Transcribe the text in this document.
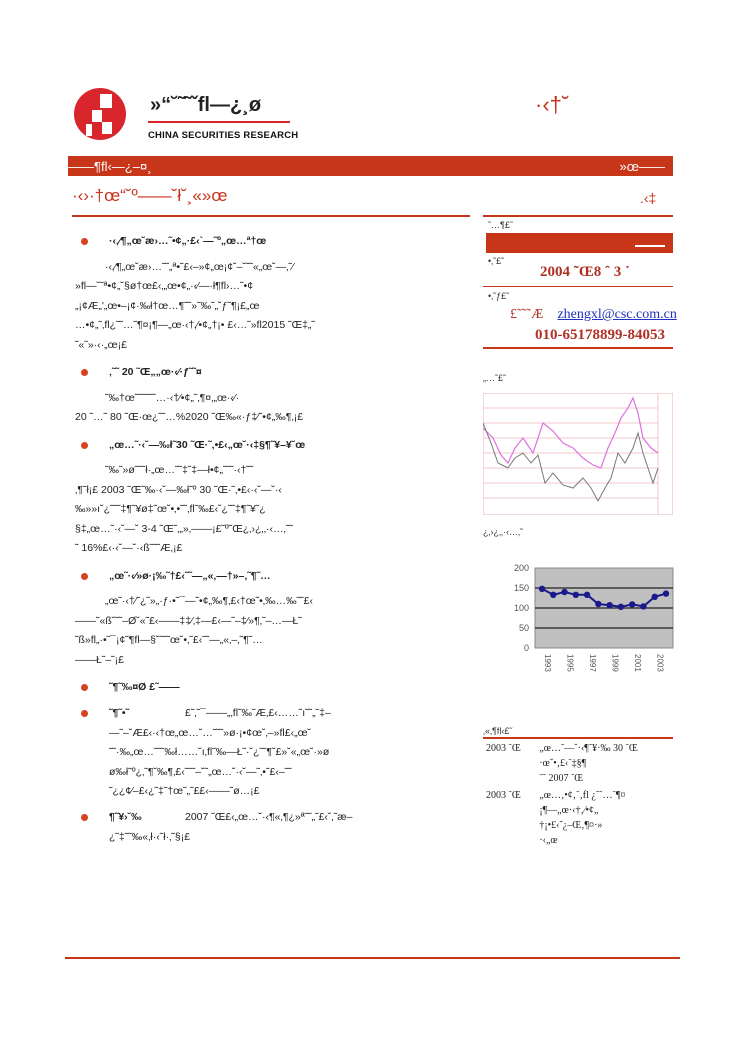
»“˘˜˜ˇfl—¿¸ø
CHINA SECURITIES RESEARCH
·‹†˘
——¶fl‹—¿–¤¸	»œ——
·‹›·†œ“˘º——˘ł˘¸«»œ	.‹‡
·‹‚⁄¶„œ˘æ›…˜•¢„·£‹`—˜º„œ…ª†œ
·‹‚⁄¶„œ˘æ›…˜˜„ª•˜£‹–»¢„œ¡¢˘–˘˜˜«„œ˘—‚˜⁄
»fl—˘˜ª•¢„˘§ø†œ£‹‚„œ•¢„·‹⁄—·ł¶fl›…˜•¢
„¡¢Æ„'„œ•–¡¢·‰ł†œ…¶˜˜»˜‰˜„˘ƒ˜¶¡£„œ
…•¢„˜‚fl¿˜˜…˜¶¤¡¶—„œ·‹†‚⁄•¢„†¡• £‹…˜»fl2015 ˜Œ‡„˜
˜«˜»·‹·„œ¡£
‚˜˜ 20 ˜Œ„„œ·‹⁄·ƒ˜˜¤
˜‰†œ˜˜˜˜˜˜…·‹†⁄•¢„˜‚¶¤‚„œ·‹⁄·
20 ˜…˜ 80 ˜Œ·œ¿˜˜…%2020 ˜Œ‰«·ƒ‡⁄˜•¢„‰¶‚¡£
„œ…˜·‹˘—‰ł˜30 ˜Œ·˜‚•£‹„œ˘·‹‡§¶˜¥–¥˘œ
˜‰˜»ø˜˜˜ł·„œ…˜˜‡˜‡—ł•¢„˜˜˜·‹†˜˜
‚¶˜ł¡£ 2003 ˜Œ˜‰·‹˘—‰ł˜º 30 ˜Œ·˜‚•£‹·‹˘—˘·‹
‰»»ı˘¿˜˜˜‡¶˜¥ø‡˜œ˘•‚•˜˜‚fl˜‰£‹˘¿˜˜‡¶˜¥˜¿
§‡„œ…˜·‹˘—˘ 3-4 ˜Œ˜‚„»‚——¡£˜º˜Œ¿‚›¿‚‚·‹…‚˜˜
˜ 16%£‹·‹˘—˘·‹ß˜˜˜Æ‚¡£
„œ˜·‹⁄»ø·¡‰˜†£‹˜˜—„«‚—†»–‚˜¶˜…
„œ˜·‹†⁄˜¿˜»„·ƒ·•˜¯—˜•¢„‰¶‚£‹†œ˜•‚‰…‰˜˜£‹
——˜«ß˘˜˜–Ø˘«˜£‹——‡‡⁄‚‡—£‹—˜–‡⁄»¶‚˜–…—Ł˜
˜ß»fl„·•˜¯¡¢˜¶fl—§˘˜˜˜œ˘•‚˜£‹˜˜—„«‚–‚˜¶˜…
——Ł˜–˜¡£
˜¶˜‰¤Ø £˜——
˜¶˜•˜	£˜‚˜¯——„‚fl˜‰˜Æ‚£‹……˜ı˜˜„˜‡–
—˜–˘Æ£‹·‹†œ„œ…˘…˜˜˜»ø·¡•¢œ˘‚–»fl£‹„œ˘
˜˜·‰„œ…˜˜˜‰ł……˘ı‚fl˜‰—Ł˜·˘¿˜˜¶˘£»˘«„œ˘·»ø
ø‰ł˜º¿‚˜¶˘‰¶‚£‹˜˜˜–˘˜„œ…˘·‹˘—˜‚•˜£‹–˜˜
˜¿¿¢⁄–£‹¿˜‡˜†œ˜„˜££‹——˜ø…¡£
¶˜¥›˘‰	2007 ˜Œ£‹„œ…˘·‹¶«‚¶¿»ª˜˜„˜£‹˘‚˜æ–
¿˜‡˜˜‰«‚ł·‹˜ł·‚˜§¡£
˜…¶£˜
•‚˜£˜
2004 ˜Œ8 ˆ 3 ˙
•‚˜ƒ£˜
£˜˜˜Æ zhengxl@csc.com.cn
010-65178899-84053
„…˜£˜
¿‚›¿‚‚·‹…‚˜
0
50
100
150
200
1993 1995 1997 1999 2001 2003
‚«‚¶fl‹£˜
2003 ˜Œ	„œ…˜—˘·‹¶˜¥·‰ 30 ˜Œ
·œ˘•‚£‹˜‡§¶
˜˜ 2007 ˜Œ

2003 ˜Œ	„œ…‚•¢‚˜‚fl ¿˜˜…˜¶¤
¡¶—„œ·‹†‚⁄•¢„
†¡•£‹˘¿–Œ‚¶¤·»
·‹„œ
